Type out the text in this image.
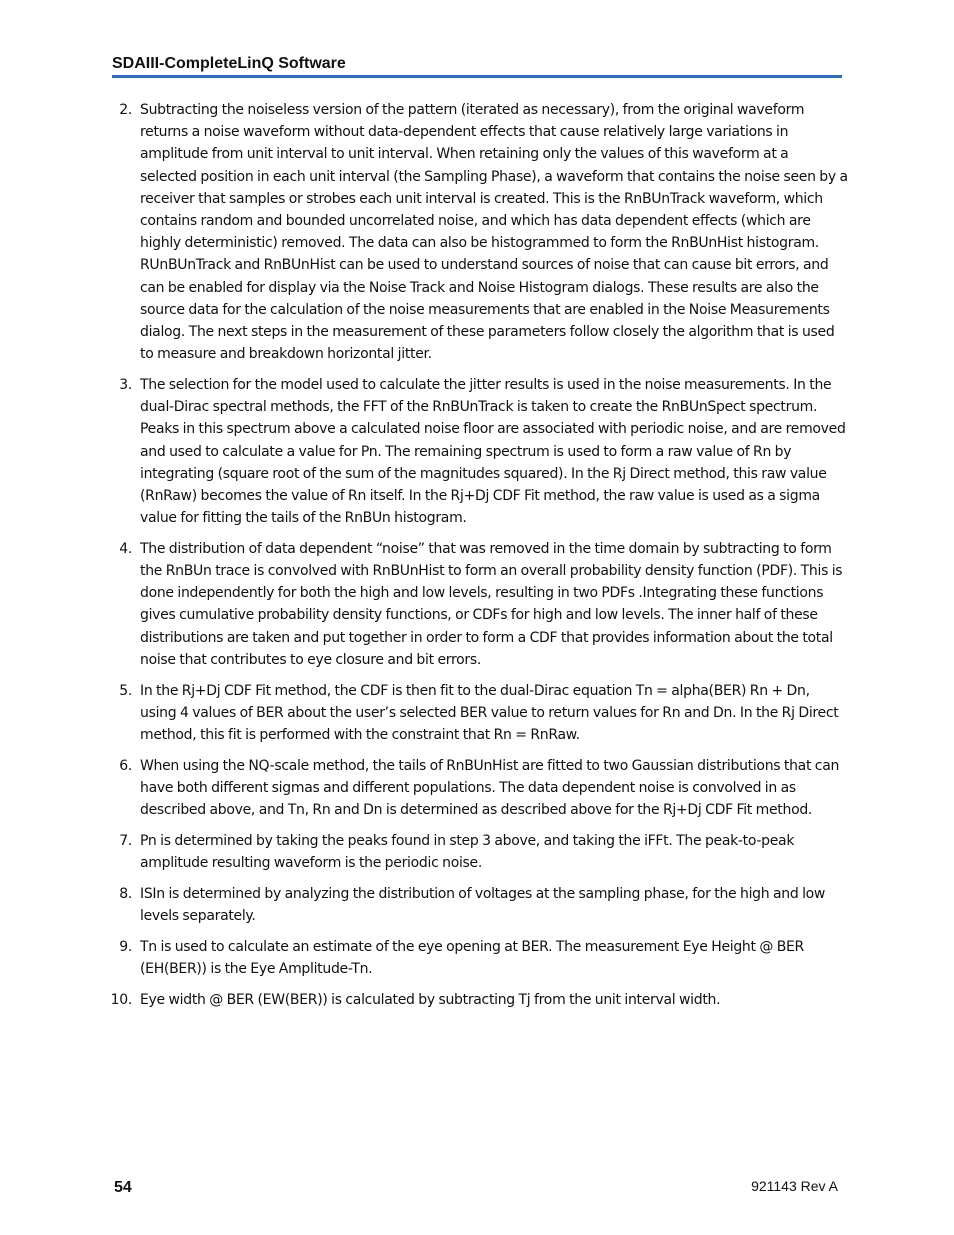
SDAIII-CompleteLinQ Software
2. Subtracting the noiseless version of the pattern (iterated as necessary), from the original waveform returns a noise waveform without data-dependent effects that cause relatively large variations in amplitude from unit interval to unit interval. When retaining only the values of this waveform at a selected position in each unit interval (the Sampling Phase), a waveform that contains the noise seen by a receiver that samples or strobes each unit interval is created. This is the RnBUnTrack waveform, which contains random and bounded uncorrelated noise, and which has data dependent effects (which are highly deterministic) removed. The data can also be histogrammed to form the RnBUnHist histogram. RUnBUnTrack and RnBUnHist can be used to understand sources of noise that can cause bit errors, and can be enabled for display via the Noise Track and Noise Histogram dialogs. These results are also the source data for the calculation of the noise measurements that are enabled in the Noise Measurements dialog. The next steps in the measurement of these parameters follow closely the algorithm that is used to measure and breakdown horizontal jitter.
3. The selection for the model used to calculate the jitter results is used in the noise measurements. In the dual-Dirac spectral methods, the FFT of the RnBUnTrack is taken to create the RnBUnSpect spectrum. Peaks in this spectrum above a calculated noise floor are associated with periodic noise, and are removed and used to calculate a value for Pn. The remaining spectrum is used to form a raw value of Rn by integrating (square root of the sum of the magnitudes squared). In the Rj Direct method, this raw value (RnRaw) becomes the value of Rn itself. In the Rj+Dj CDF Fit method, the raw value is used as a sigma value for fitting the tails of the RnBUn histogram.
4. The distribution of data dependent “noise” that was removed in the time domain by subtracting to form the RnBUn trace is convolved with RnBUnHist to form an overall probability density function (PDF). This is done independently for both the high and low levels, resulting in two PDFs .Integrating these functions gives cumulative probability density functions, or CDFs for high and low levels. The inner half of these distributions are taken and put together in order to form a CDF that provides information about the total noise that contributes to eye closure and bit errors.
5. In the Rj+Dj CDF Fit method, the CDF is then fit to the dual-Dirac equation Tn = alpha(BER) Rn + Dn, using 4 values of BER about the user’s selected BER value to return values for Rn and Dn. In the Rj Direct method, this fit is performed with the constraint that Rn = RnRaw.
6. When using the NQ-scale method, the tails of RnBUnHist are fitted to two Gaussian distributions that can have both different sigmas and different populations. The data dependent noise is convolved in as described above, and Tn, Rn and Dn is determined as described above for the Rj+Dj CDF Fit method.
7. Pn is determined by taking the peaks found in step 3 above, and taking the iFFt. The peak-to-peak amplitude resulting waveform is the periodic noise.
8. ISIn is determined by analyzing the distribution of voltages at the sampling phase, for the high and low levels separately.
9. Tn is used to calculate an estimate of the eye opening at BER. The measurement Eye Height @ BER (EH(BER)) is the Eye Amplitude-Tn.
10. Eye width @ BER (EW(BER)) is calculated by subtracting Tj from the unit interval width.
54	921143 Rev A
